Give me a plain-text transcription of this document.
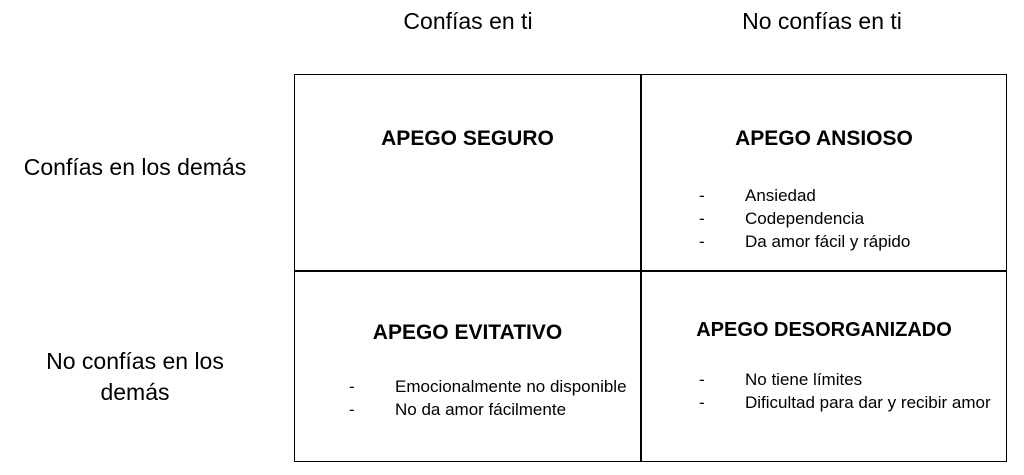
Confías en ti	No confías en ti
Confías en los demás
No confías en los demás
APEGO SEGURO	APEGO ANSIOSO
- Ansiedad
- Codependencia
- Da amor fácil y rápido
APEGO EVITATIVO
- Emocionalmente no disponible
- No da amor fácilmente
APEGO DESORGANIZADO
- No tiene límites
- Dificultad para dar y recibir amor
